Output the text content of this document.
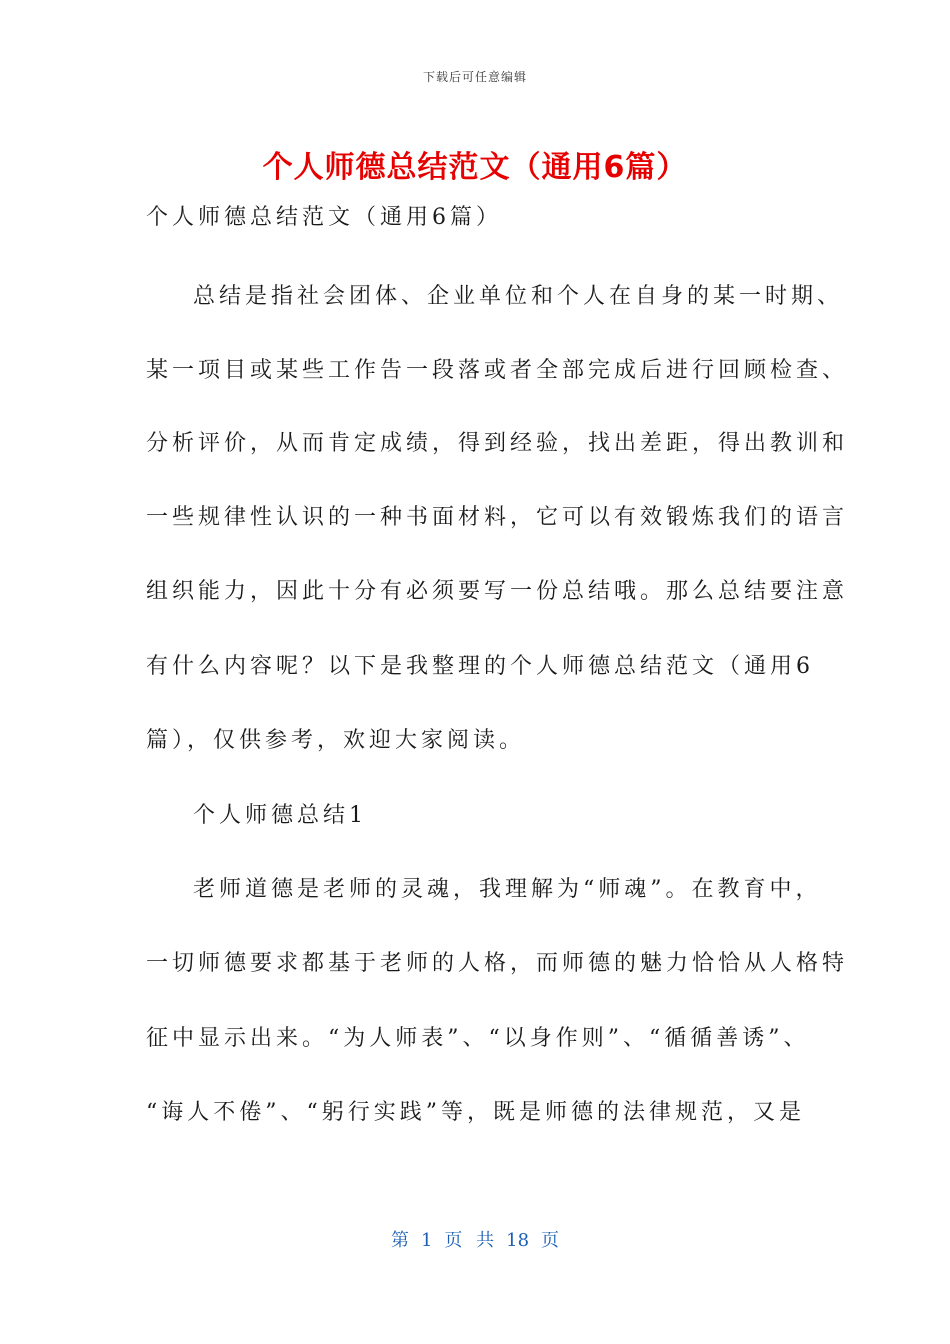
下载后可任意编辑
个人师德总结范文（通用6篇）
个人师德总结范文（通用6篇）
总结是指社会团体、企业单位和个人在自身的某一时期、
某一项目或某些工作告一段落或者全部完成后进行回顾检查、
分析评价，从而肯定成绩，得到经验，找出差距，得出教训和
一些规律性认识的一种书面材料，它可以有效锻炼我们的语言
组织能力，因此十分有必须要写一份总结哦。那么总结要注意
有什么内容呢？以下是我整理的个人师德总结范文（通用6
篇），仅供参考，欢迎大家阅读。
个人师德总结1
老师道德是老师的灵魂，我理解为“师魂”。在教育中，
一切师德要求都基于老师的人格，而师德的魅力恰恰从人格特
征中显示出来。“为人师表”、“以身作则”、“循循善诱”、
“诲人不倦”、“躬行实践”等，既是师德的法律规范，又是
第 1 页 共 18 页
